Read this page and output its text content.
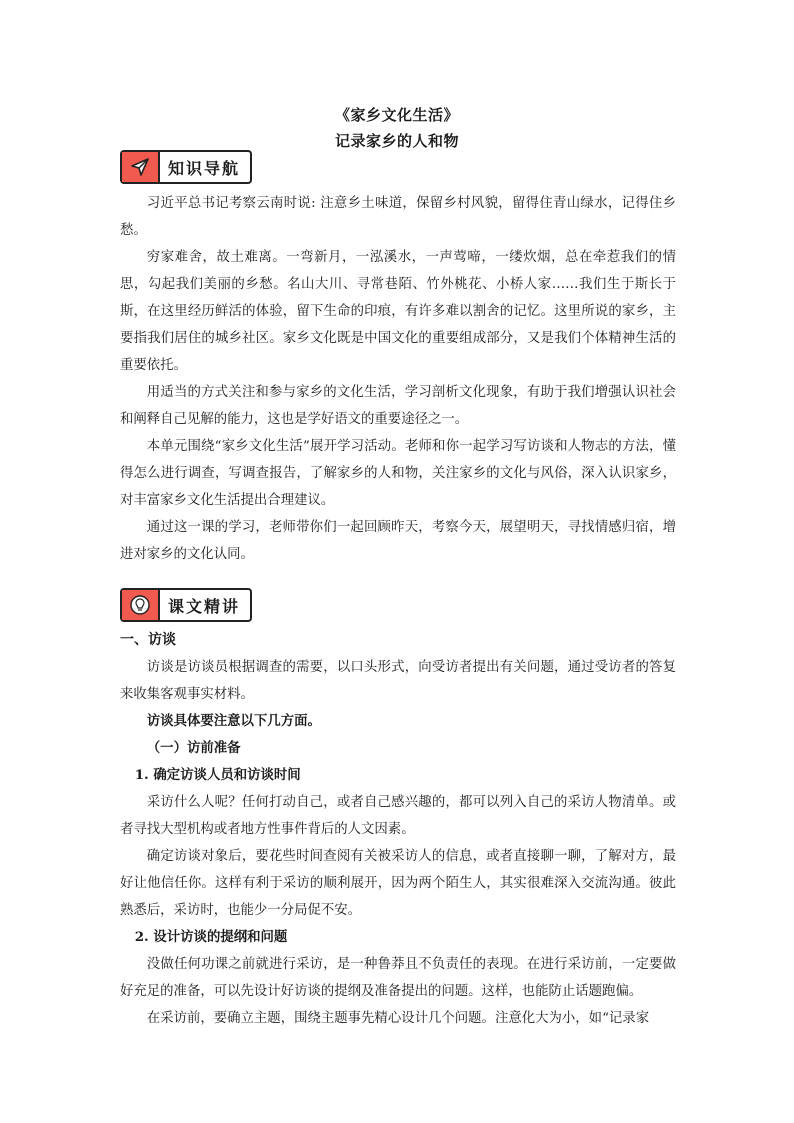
《家乡文化生活》
记录家乡的人和物
知识导航

习近平总书记考察云南时说: 注意乡土味道，保留乡村风貌，留得住青山绿水，记得住乡愁。

穷家难舍，故土难离。一弯新月，一泓溪水，一声莺啼，一缕炊烟，总在牵惹我们的情思，勾起我们美丽的乡愁。名山大川、寻常巷陌、竹外桃花、小桥人家……我们生于斯长于斯，在这里经历鲜活的体验，留下生命的印痕，有许多难以割舍的记忆。这里所说的家乡，主要指我们居住的城乡社区。家乡文化既是中国文化的重要组成部分，又是我们个体精神生活的重要依托。

用适当的方式关注和参与家乡的文化生活，学习剖析文化现象，有助于我们增强认识社会和阐释自己见解的能力，这也是学好语文的重要途径之一。

本单元围绕“家乡文化生活”展开学习活动。老师和你一起学习写访谈和人物志的方法，懂得怎么进行调查，写调查报告，了解家乡的人和物，关注家乡的文化与风俗，深入认识家乡，对丰富家乡文化生活提出合理建议。

通过这一课的学习，老师带你们一起回顾昨天，考察今天，展望明天，寻找情感归宿，增进对家乡的文化认同。

课文精讲

一、访谈

访谈是访谈员根据调查的需要，以口头形式，向受访者提出有关问题，通过受访者的答复来收集客观事实材料。

访谈具体要注意以下几方面。

（一）访前准备

1. 确定访谈人员和访谈时间

采访什么人呢？任何打动自己，或者自己感兴趣的，都可以列入自己的采访人物清单。或者寻找大型机构或者地方性事件背后的人文因素。

确定访谈对象后，要花些时间查阅有关被采访人的信息，或者直接聊一聊，了解对方，最好让他信任你。这样有利于采访的顺利展开，因为两个陌生人，其实很难深入交流沟通。彼此熟悉后，采访时，也能少一分局促不安。

2. 设计访谈的提纲和问题

没做任何功课之前就进行采访，是一种鲁莽且不负责任的表现。在进行采访前，一定要做好充足的准备，可以先设计好访谈的提纲及准备提出的问题。这样，也能防止话题跑偏。

在采访前，要确立主题，围绕主题事先精心设计几个问题。注意化大为小，如“记录家
